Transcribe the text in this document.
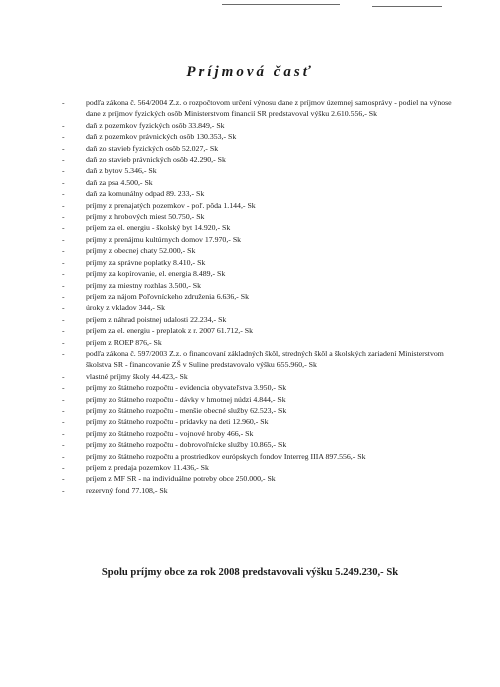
Príjmová časť
-	podľa zákona č. 564/2004 Z.z. o rozpočtovom určení výnosu dane z príjmov územnej samosprávy - podiel na výnose dane z príjmov fyzických osôb Ministerstvom financií SR predstavoval výšku 2.610.556,- Sk
-	daň z pozemkov fyzických osôb 33.849,- Sk
-	daň z pozemkov právnických osôb 130.353,- Sk
-	daň zo stavieb fyzických osôb 52.027,- Sk
-	daň zo stavieb právnických osôb 42.290,- Sk
-	daň z bytov 5.346,- Sk
-	daň za psa 4.500,- Sk
-	daň za komunálny odpad 89. 233,- Sk
-	príjmy z prenajatých pozemkov - poľ. pôda 1.144,- Sk
-	príjmy z hrobových miest 50.750,- Sk
-	príjem za el. energiu - školský byt 14.920,- Sk
-	príjmy z prenájmu kultúrnych domov 17.970,- Sk
-	príjmy z obecnej chaty 52.000,- Sk
-	príjmy za správne poplatky 8.410,- Sk
-	príjmy za kopírovanie, el. energia 8.489,- Sk
-	príjmy za miestny rozhlas 3.500,- Sk
-	príjem za nájom Poľovníckeho združenia 6.636,- Sk
-	úroky z vkladov 344,- Sk
-	príjem z náhrad poistnej udalosti 22.234,- Sk
-	príjem za el. energiu - preplatok z r. 2007 61.712,- Sk
-	príjem z ROEP 876,- Sk
-	podľa zákona č. 597/2003 Z.z. o financovaní základných škôl, stredných škôl a školských zariadení Ministerstvom školstva SR - financovanie ZŠ v Suline predstavovalo výšku 655.960,- Sk
-	vlastné príjmy školy 44.423,- Sk
-	príjmy zo štátneho rozpočtu - evidencia obyvateľstva 3.950,- Sk
-	príjmy zo štátneho rozpočtu - dávky v hmotnej núdzi 4.844,- Sk
-	príjmy zo štátneho rozpočtu - menšie obecné služby 62.523,- Sk
-	príjmy zo štátneho rozpočtu - prídavky na deti 12.960,- Sk
-	príjmy zo štátneho rozpočtu - vojnové hroby 466,- Sk
-	príjmy zo štátneho rozpočtu - dobrovoľnícke služby 10.865,- Sk
-	príjmy zo štátneho rozpočtu a prostriedkov európskych fondov Interreg IIIA 897.556,- Sk
-	príjem z predaja pozemkov 11.436,- Sk
-	príjem z MF SR - na individuálne potreby obce 250.000,- Sk
-	rezervný fond 77.108,- Sk
Spolu príjmy obce za rok 2008 predstavovali výšku 5.249.230,- Sk
